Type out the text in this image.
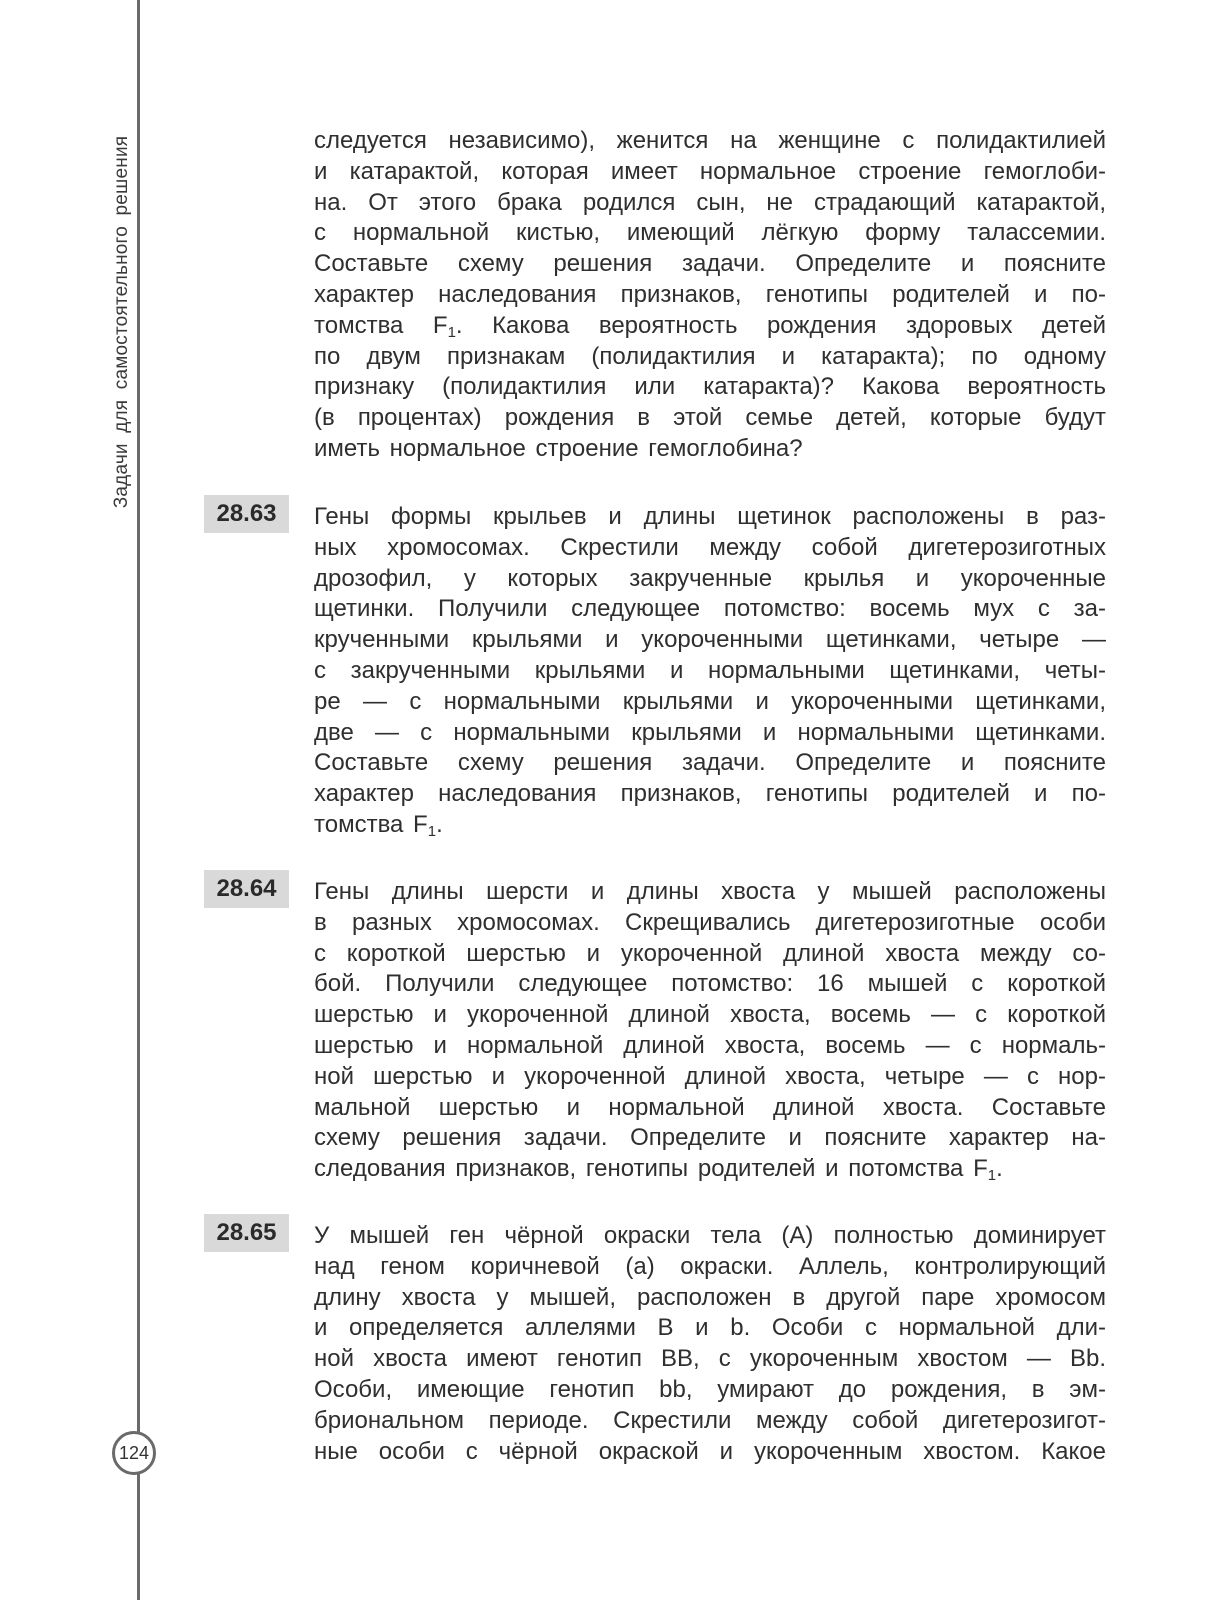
Задачи для самостоятельного решения
124
следуется независимо), женится на женщине с полидактилией
и катарактой, которая имеет нормальное строение гемоглоби-
на. От этого брака родился сын, не страдающий катарактой,
с нормальной кистью, имеющий лёгкую форму талассемии.
Составьте схему решения задачи. Определите и поясните
характер наследования признаков, генотипы родителей и по-
томства $F_1$. Какова вероятность рождения здоровых детей
по двум признакам (полидактилия и катаракта); по одному
признаку (полидактилия или катаракта)? Какова вероятность
(в процентах) рождения в этой семье детей, которые будут
иметь нормальное строение гемоглобина?
28.63	Гены формы крыльев и длины щетинок расположены в раз-
ных хромосомах. Скрестили между собой дигетерозиготных
дрозофил, у которых закрученные крылья и укороченные
щетинки. Получили следующее потомство: восемь мух с за-
крученными крыльями и укороченными щетинками, четыре —
с закрученными крыльями и нормальными щетинками, четы-
ре — с нормальными крыльями и укороченными щетинками,
две — с нормальными крыльями и нормальными щетинками.
Составьте схему решения задачи. Определите и поясните
характер наследования признаков, генотипы родителей и по-
томства $F_1$.
28.64	Гены длины шерсти и длины хвоста у мышей расположены
в разных хромосомах. Скрещивались дигетерозиготные особи
с короткой шерстью и укороченной длиной хвоста между со-
бой. Получили следующее потомство: 16 мышей с короткой
шерстью и укороченной длиной хвоста, восемь — с короткой
шерстью и нормальной длиной хвоста, восемь — с нормаль-
ной шерстью и укороченной длиной хвоста, четыре — с нор-
мальной шерстью и нормальной длиной хвоста. Составьте
схему решения задачи. Определите и поясните характер на-
следования признаков, генотипы родителей и потомства $F_1$.
28.65	У мышей ген чёрной окраски тела (А) полностью доминирует
над геном коричневой (а) окраски. Аллель, контролирующий
длину хвоста у мышей, расположен в другой паре хромосом
и определяется аллелями В и b. Особи с нормальной дли-
ной хвоста имеют генотип ВВ, с укороченным хвостом — Bb.
Особи, имеющие генотип bb, умирают до рождения, в эм-
бриональном периоде. Скрестили между собой дигетерозигот-
ные особи с чёрной окраской и укороченным хвостом. Какое
